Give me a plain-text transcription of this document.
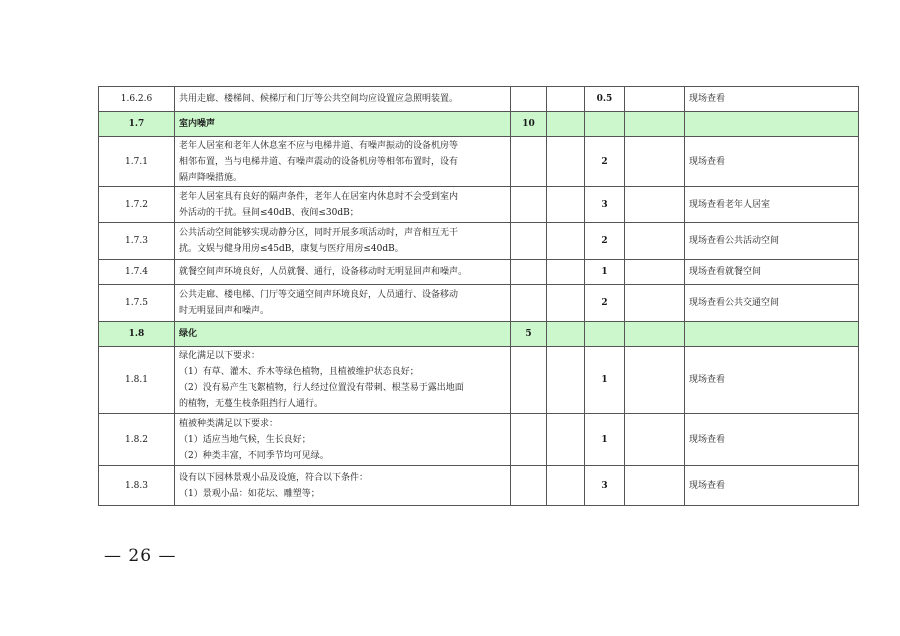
1.6.2.6	共用走廊、楼梯间、候梯厅和门厅等公共空间均应设置应急照明装置。			0.5		现场查看
1.7	室内噪声	10				
1.7.1	老年人居室和老年人休息室不应与电梯井道、有噪声振动的设备机房等
相邻布置，当与电梯井道、有噪声震动的设备机房等相邻布置时，设有
隔声降噪措施。			2		现场查看
1.7.2	老年人居室具有良好的隔声条件，老年人在居室内休息时不会受到室内
外活动的干扰。昼间≤40dB、夜间≤30dB；			3		现场查看老年人居室
1.7.3	公共活动空间能够实现动静分区，同时开展多项活动时，声音相互无干
扰。文娱与健身用房≤45dB，康复与医疗用房≤40dB。			2		现场查看公共活动空间
1.7.4	就餐空间声环境良好，人员就餐、通行，设备移动时无明显回声和噪声。			1		现场查看就餐空间
1.7.5	公共走廊、楼电梯、门厅等交通空间声环境良好，人员通行、设备移动
时无明显回声和噪声。			2		现场查看公共交通空间
1.8	绿化	5				
1.8.1	绿化满足以下要求：
（1）有草、灌木、乔木等绿色植物，且植被维护状态良好；
（2）没有易产生飞絮植物，行人经过位置没有带刺、根茎易于露出地面
的植物，无蔓生枝条阻挡行人通行。			1		现场查看
1.8.2	植被种类满足以下要求：
（1）适应当地气候，生长良好；
（2）种类丰富，不同季节均可见绿。			1		现场查看
1.8.3	设有以下园林景观小品及设施，符合以下条件：
（1）景观小品：如花坛、雕塑等；			3		现场查看
— 26 —
